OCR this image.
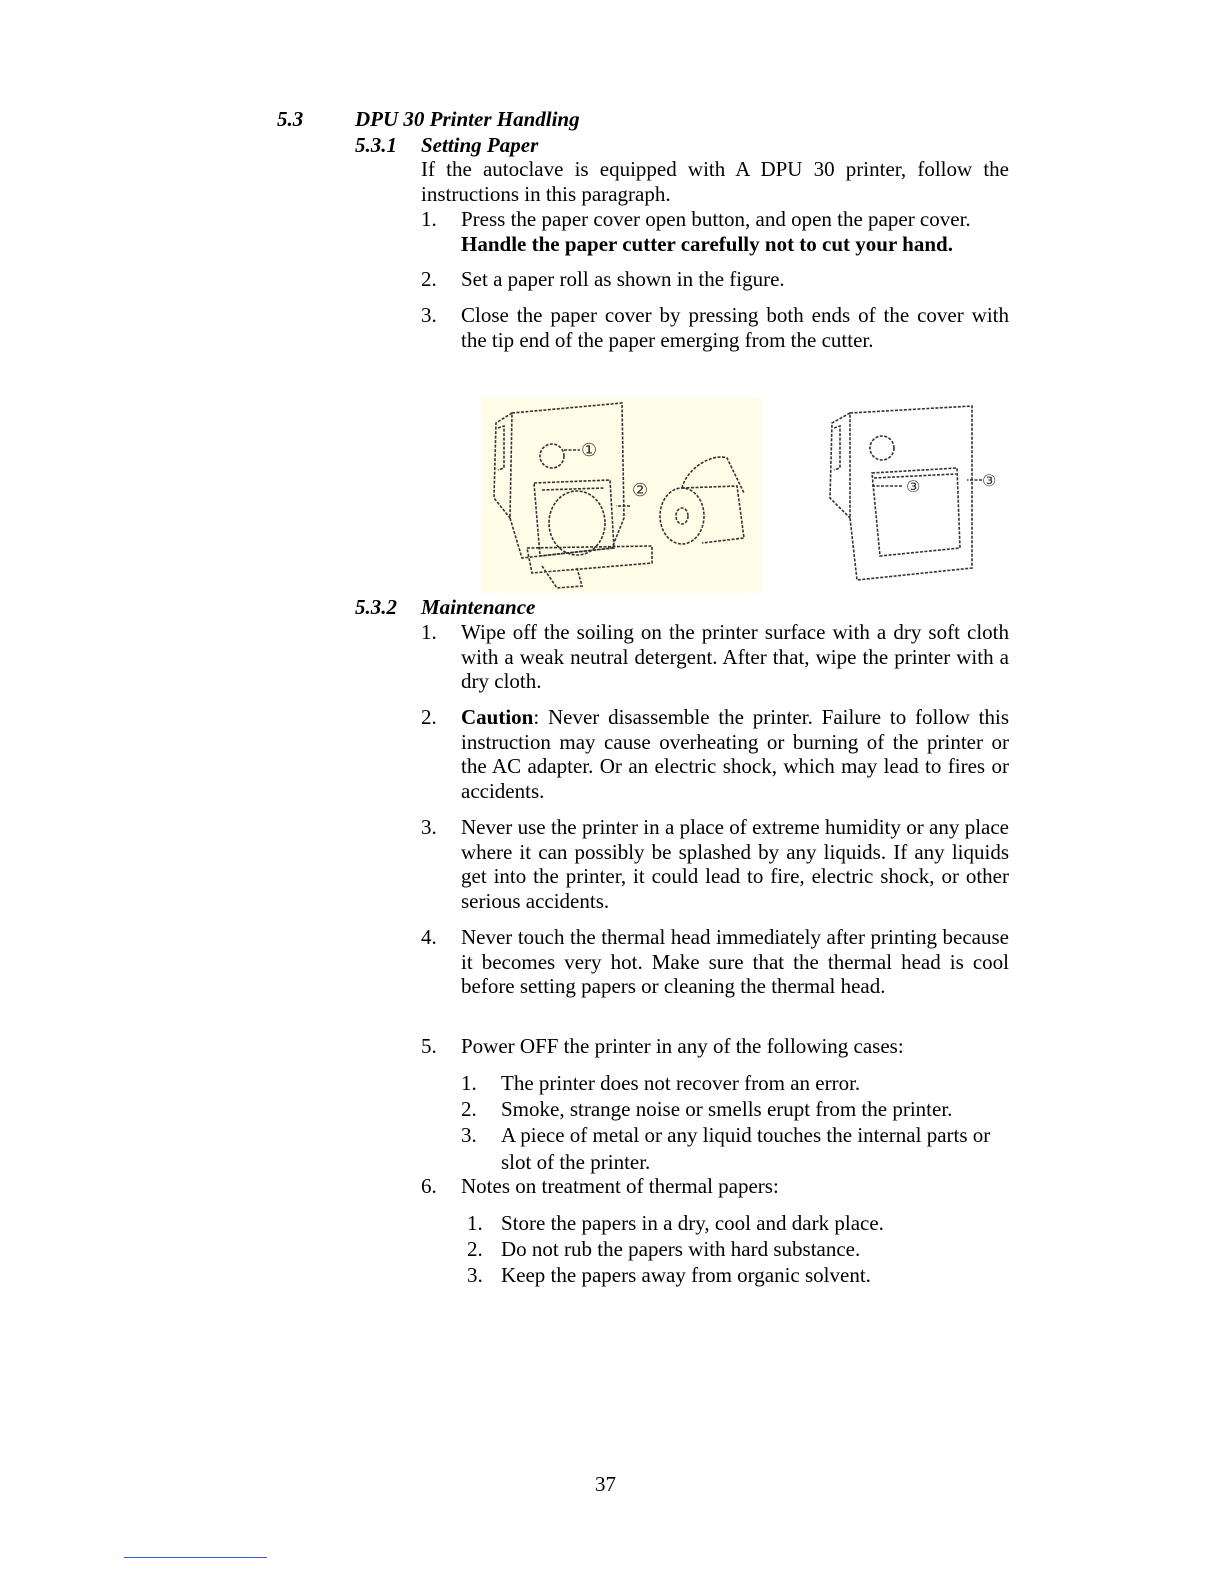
5.3 DPU 30 Printer Handling
5.3.1 Setting Paper
If the autoclave is equipped with A DPU 30 printer, follow the instructions in this paragraph.
1. Press the paper cover open button, and open the paper cover.
Handle the paper cutter carefully not to cut your hand.
2. Set a paper roll as shown in the figure.
3. Close the paper cover by pressing both ends of the cover with the tip end of the paper emerging from the cutter.
①
②	③	③
5.3.2 Maintenance
1. Wipe off the soiling on the printer surface with a dry soft cloth with a weak neutral detergent. After that, wipe the printer with a dry cloth.
2. Caution: Never disassemble the printer. Failure to follow this instruction may cause overheating or burning of the printer or the AC adapter. Or an electric shock, which may lead to fires or accidents.
3. Never use the printer in a place of extreme humidity or any place where it can possibly be splashed by any liquids. If any liquids get into the printer, it could lead to fire, electric shock, or other serious accidents.
4. Never touch the thermal head immediately after printing because it becomes very hot. Make sure that the thermal head is cool before setting papers or cleaning the thermal head.
5. Power OFF the printer in any of the following cases:
1. The printer does not recover from an error.
2. Smoke, strange noise or smells erupt from the printer.
3. A piece of metal or any liquid touches the internal parts or slot of the printer.
6. Notes on treatment of thermal papers:
1. Store the papers in a dry, cool and dark place.
2. Do not rub the papers with hard substance.
3. Keep the papers away from organic solvent.
37
